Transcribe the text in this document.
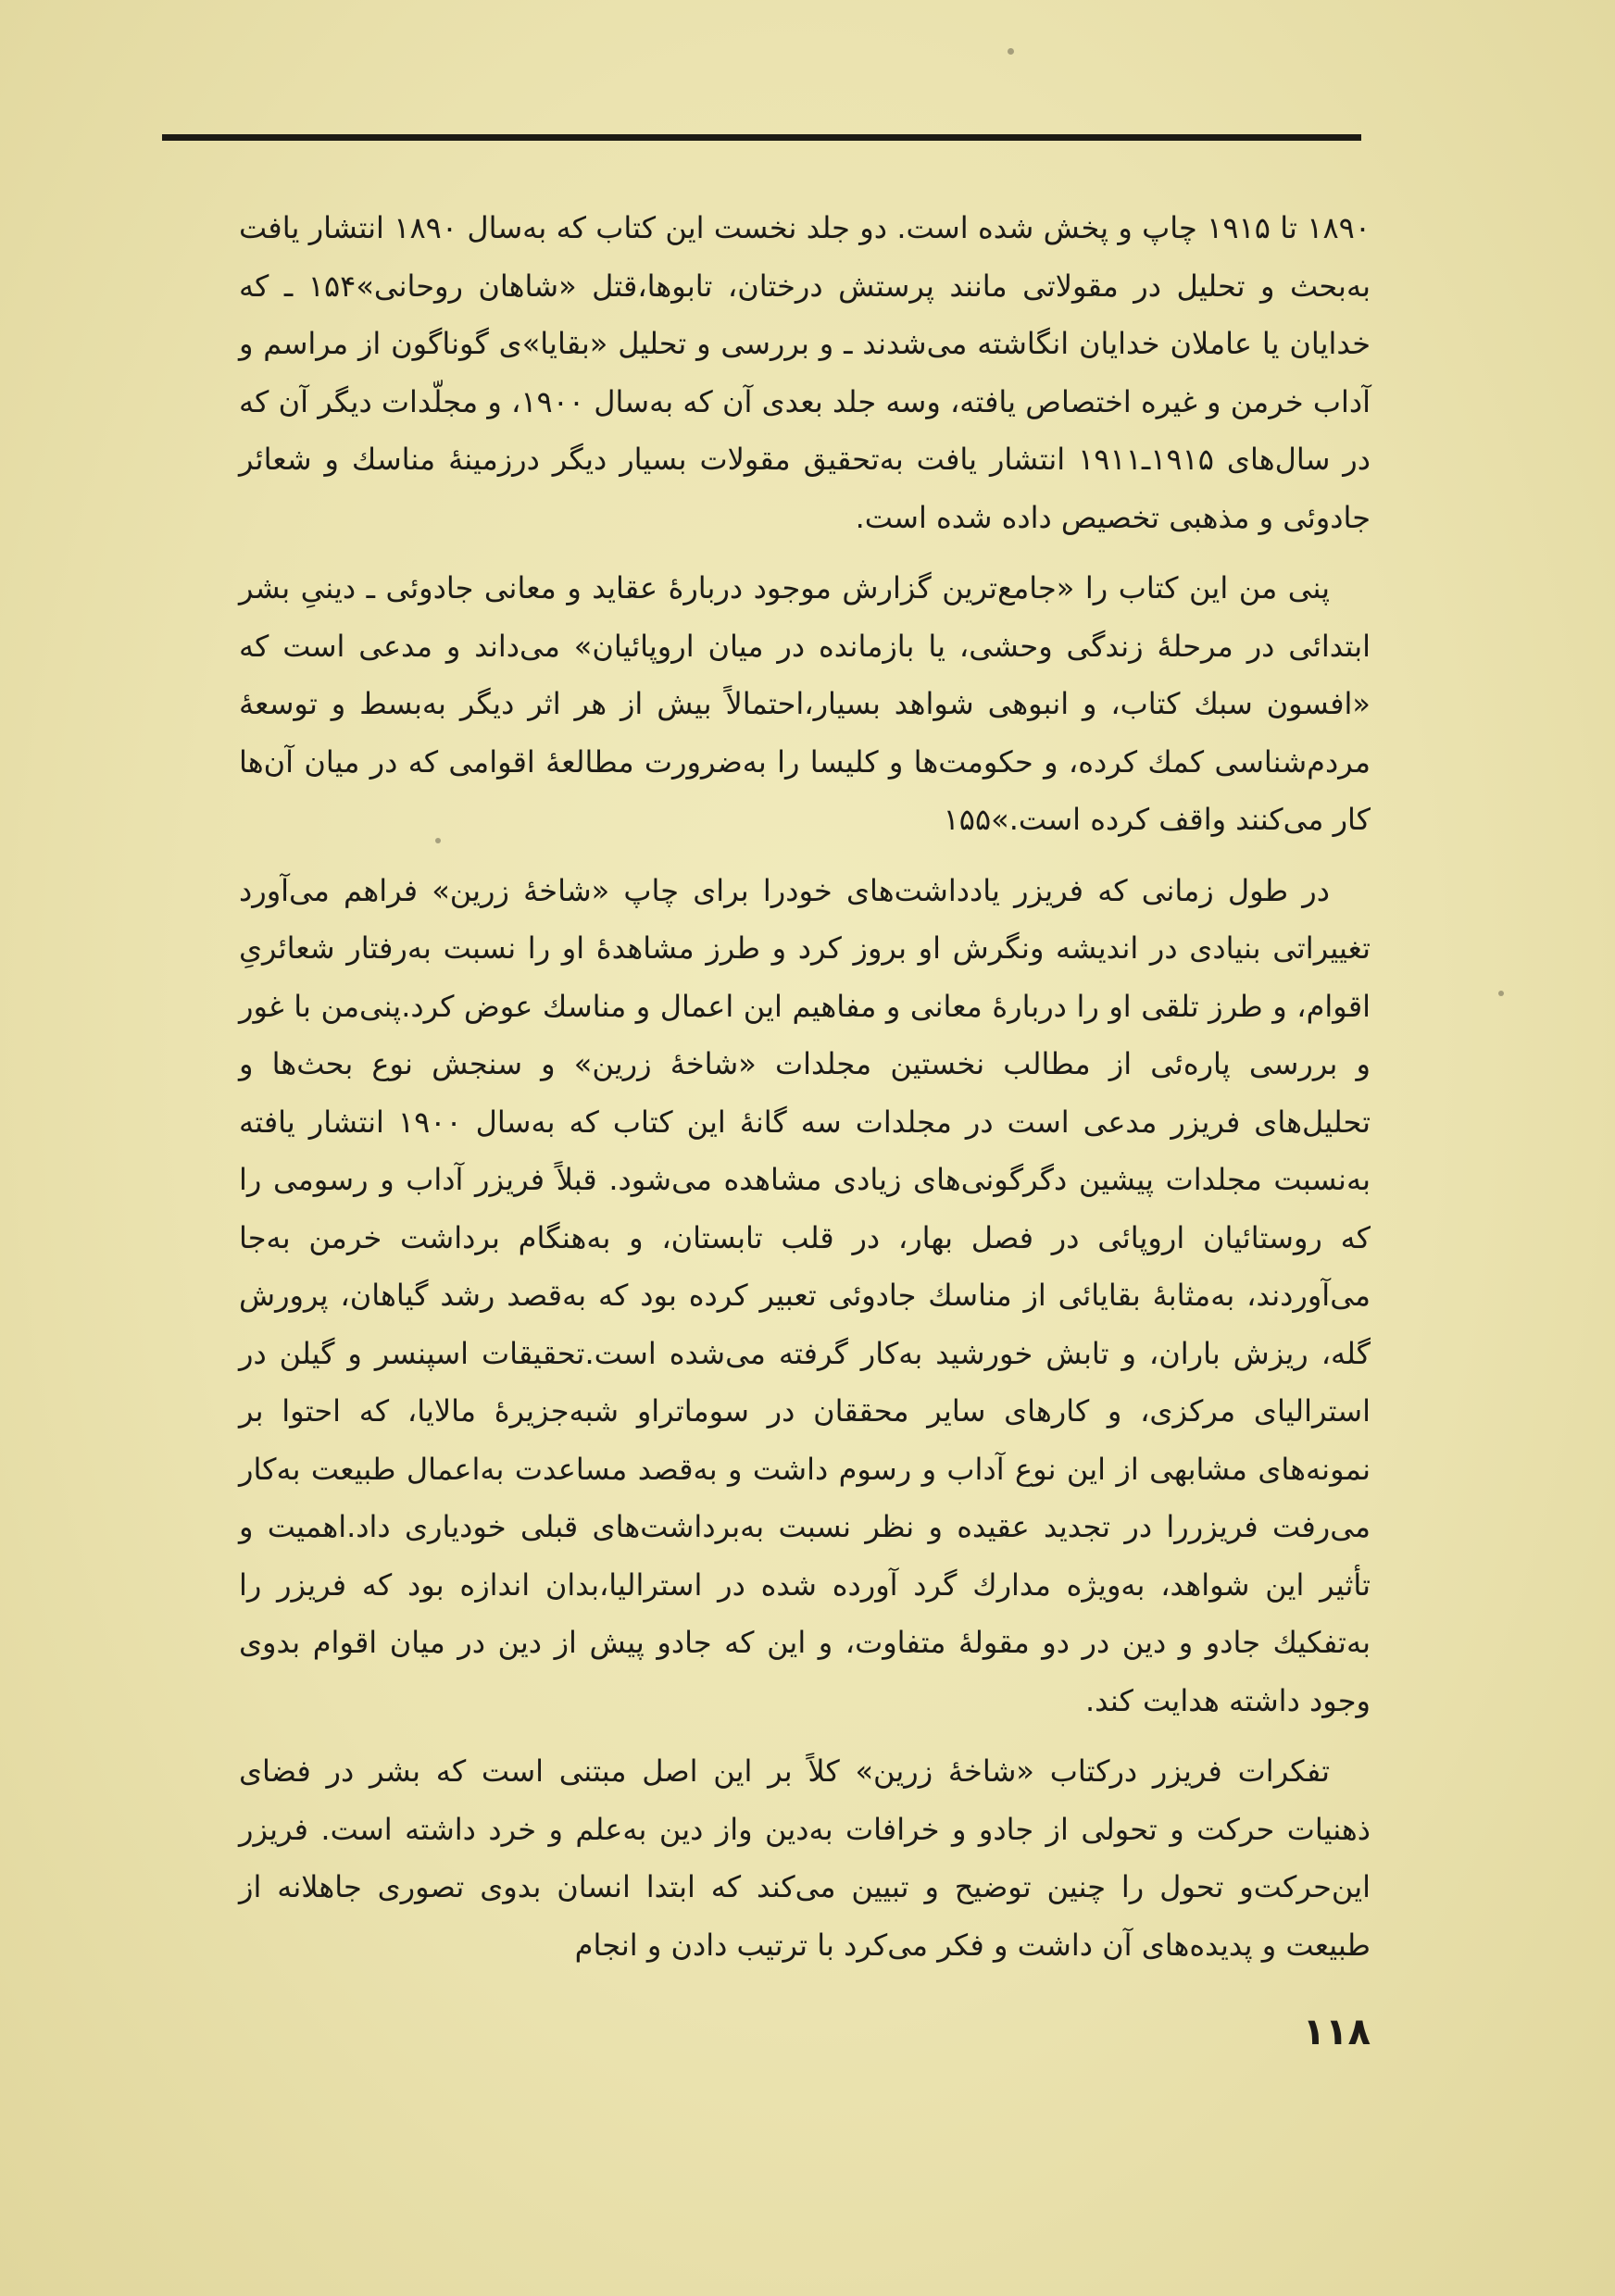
۱۸۹۰ تا ۱۹۱۵ چاپ و پخش شده است. دو جلد نخست این کتاب که به‌سال ۱۸۹۰ انتشار یافت به‌بحث و تحلیل در مقولاتی مانند پرستش درختان، تابوها،قتل «شاهان روحانی»۱۵۴ ـ که خدایان یا عاملان خدایان انگاشته می‌شدند ـ و بررسی و تحلیل «بقایا»ی گوناگون از مراسم و آداب خرمن و غیره اختصاص یافته، وسه جلد بعدی آن که به‌سال ۱۹۰۰، و مجلّدات دیگر آن که در سال‌های ۱۹۱۵ـ۱۹۱۱ انتشار یافت به‌تحقیق مقولات بسیار دیگر درزمینهٔ مناسك و شعائر جادوئی و مذهبی تخصیص داده شده است.

پنی من این کتاب را «جامع‌ترین گزارش موجود دربارهٔ عقاید و معانی جادوئی ـ دینیِ بشر ابتدائی در مرحلهٔ زندگی وحشی، یا بازمانده در میان اروپائیان» می‌داند و مدعی است که «افسون سبك کتاب، و انبوهی شواهد بسیار،احتمالاً بیش از هر اثر دیگر به‌بسط و توسعهٔ مردم‌شناسی کمك کرده، و حکومت‌ها و کلیسا را به‌ضرورت مطالعهٔ اقوامی که در میان آن‌ها کار می‌کنند واقف کرده است.»۱۵۵

در طول زمانی که فریزر یادداشت‌های خودرا برای چاپ «شاخهٔ زرین» فراهم می‌آورد تغییراتی بنیادی در اندیشه ونگرش او بروز کرد و طرز مشاهدهٔ او را نسبت به‌رفتار شعائریِ اقوام، و طرز تلقی او را دربارهٔ معانی و مفاهیم این اعمال و مناسك عوض کرد.پنی‌من با غور و بررسی پاره‌ئی از مطالب نخستین مجلدات «شاخهٔ زرین» و سنجش نوع بحث‌ها و تحلیل‌های فریزر مدعی است در مجلدات سه گانهٔ این کتاب که به‌سال ۱۹۰۰ انتشار یافته به‌نسبت مجلدات پیشین دگرگونی‌های زیادی مشاهده می‌شود. قبلاً فریزر آداب و رسومی را که روستائیان اروپائی در فصل بهار، در قلب تابستان، و به‌هنگام برداشت خرمن به‌جا می‌آوردند، به‌مثابهٔ بقایائی از مناسك جادوئی تعبیر کرده بود که به‌قصد رشد گیاهان، پرورش گله، ریزش باران، و تابش خورشید به‌کار گرفته می‌شده است.تحقیقات اسپنسر و گیلن در استرالیای مرکزی، و کارهای سایر محققان در سوماتراو شبه‌جزیرهٔ مالایا، که احتوا بر نمونه‌های مشابهی از این نوع آداب و رسوم داشت و به‌قصد مساعدت به‌اعمال طبیعت به‌کار می‌رفت فریزررا در تجدید عقیده و نظر نسبت به‌برداشت‌های قبلی خودیاری داد.اهمیت و تأثیر این شواهد، به‌ویژه مدارك گرد آورده شده در استرالیا،بدان اندازه بود که فریزر را به‌تفکیك جادو و دین در دو مقولهٔ متفاوت، و این که جادو پیش از دین در میان اقوام بدوی وجود داشته هدایت کند.

تفکرات فریزر درکتاب «شاخهٔ زرین» کلاً بر این اصل مبتنی است که بشر در فضای ذهنیات حرکت و تحولی از جادو و خرافات به‌دین واز دین به‌علم و خرد داشته است. فریزر این‌حرکت‌و تحول را چنین توضیح و تبیین می‌کند که ابتدا انسان بدوی تصوری جاهلانه از طبیعت و پدیده‌های آن داشت و فکر می‌کرد با ترتیب دادن و انجام

۱۱۸
